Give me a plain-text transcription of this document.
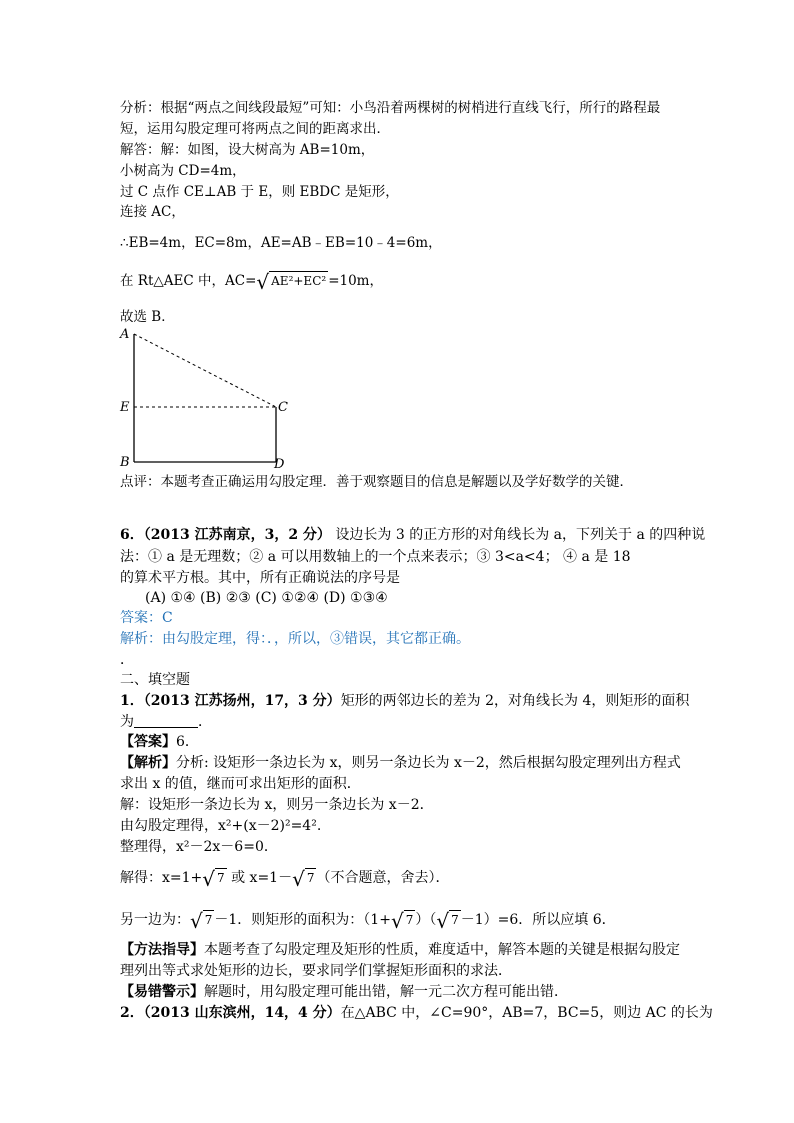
分析：根据“两点之间线段最短”可知：小鸟沿着两棵树的树梢进行直线飞行，所行的路程最
短，运用勾股定理可将两点之间的距离求出．
解答：解：如图，设大树高为 AB=10m，
小树高为 CD=4m，
过 C 点作 CE⊥AB 于 E，则 EBDC 是矩形，
连接 AC，
∴EB=4m，EC=8m，AE=AB﹣EB=10﹣4=6m，
在 Rt△AEC 中，AC=√ AE²+EC² =10m，
故选 B．
A
E
B
C
D
点评：本题考查正确运用勾股定理．善于观察题目的信息是解题以及学好数学的关键．
6．（2013 江苏南京，3，2 分） 设边长为 3 的正方形的对角线长为 a，下列关于 a 的四种说
法：① a 是无理数；② a 可以用数轴上的一个点来表示；③ 3<a<4； ④ a 是 18
的算术平方根。其中，所有正确说法的序号是
(A) ①④ (B) ②③ (C) ①②④ (D) ①③④
答案：C
解析：由勾股定理，得：．，所以，③错误，其它都正确。
．
二、填空题
1．（2013 江苏扬州，17，3 分）矩形的两邻边长的差为 2，对角线长为 4，则矩形的面积
为	．
【答案】6．
【解析】分析: 设矩形一条边长为 x，则另一条边长为 x－2，然后根据勾股定理列出方程式
求出 x 的值，继而可求出矩形的面积．
解：设矩形一条边长为 x，则另一条边长为 x－2．
由勾股定理得，x²+(x－2)²=4².
整理得，x²－2x－6=0．
解得：x=1+√ 7 或 x=1－√ 7 （不合题意，舍去）．
另一边为：√ 7 －1．则矩形的面积为：（1+√ 7 ）（√ 7 －1）=6．所以应填 6．
【方法指导】本题考查了勾股定理及矩形的性质，难度适中，解答本题的关键是根据勾股定
理列出等式求处矩形的边长，要求同学们掌握矩形面积的求法．
【易错警示】解题时，用勾股定理可能出错，解一元二次方程可能出错．
2．（2013 山东滨州，14，4 分）在△ABC 中，∠C=90°，AB=7，BC=5，则边 AC 的长为
